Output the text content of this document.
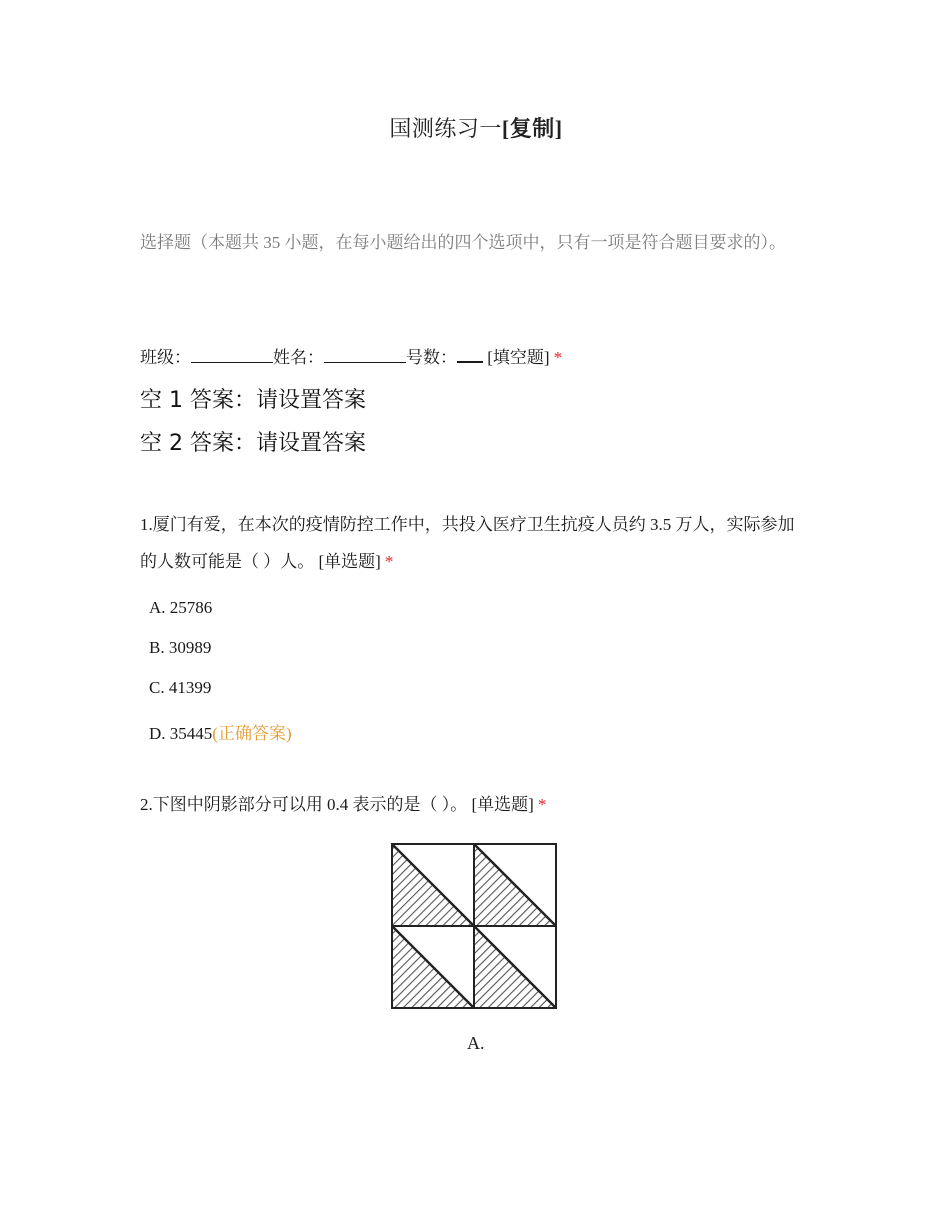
国测练习一[复制]
选择题（本题共 35 小题，在每小题给出的四个选项中，只有一项是符合题目要求的）。
班级：	姓名：	号数： [填空题] *
空 1 答案：请设置答案
空 2 答案：请设置答案
1.厦门有爱，在本次的疫情防控工作中，共投入医疗卫生抗疫人员约 3.5 万人，实际参加的人数可能是（ ）人。 [单选题] *
A. 25786
B. 30989
C. 41399
D. 35445(正确答案)
2.下图中阴影部分可以用 0.4 表示的是（ ）。 [单选题] *
A.
